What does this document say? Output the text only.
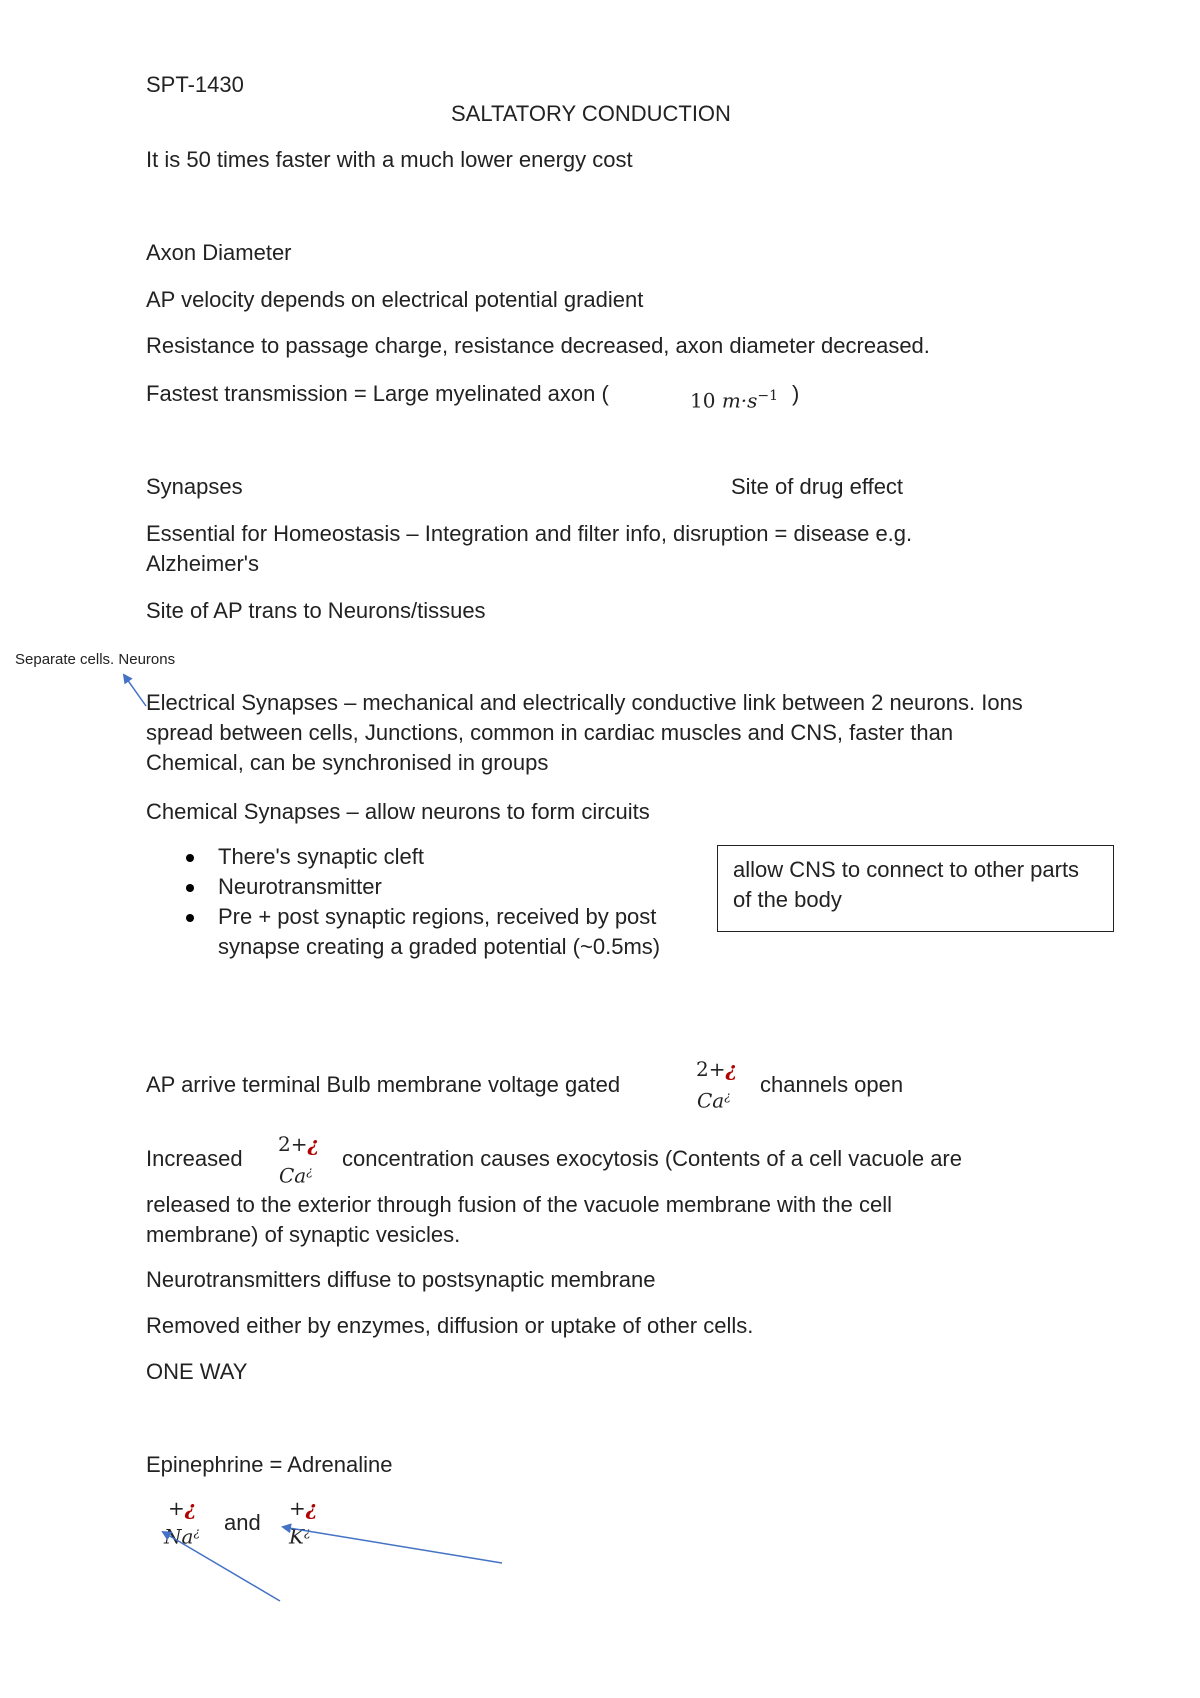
SPT-1430
SALTATORY CONDUCTION
It is 50 times faster with a much lower energy cost
Axon Diameter
AP velocity depends on electrical potential gradient
Resistance to passage charge, resistance decreased, axon diameter decreased.
Fastest transmission = Large myelinated axon (	10 $m\cdot s^{-1}$ )
Synapses	Site of drug effect
Essential for Homeostasis – Integration and filter info, disruption = disease e.g. Alzheimer's
Site of AP trans to Neurons/tissues
Separate cells. Neurons
Electrical Synapses – mechanical and electrically conductive link between 2 neurons. Ions spread between cells, Junctions, common in cardiac muscles and CNS, faster than Chemical, can be synchronised in groups
Chemical Synapses – allow neurons to form circuits
There's synaptic cleft
Neurotransmitter
Pre + post synaptic regions, received by post synapse creating a graded potential (~0.5ms)
allow CNS to connect to other parts of the body
AP arrive terminal Bulb membrane voltage gated
2+¿
Ca¿ channels open
Increased
2+¿
Ca¿ concentration causes exocytosis (Contents of a cell vacuole are
released to the exterior through fusion of the vacuole membrane with the cell membrane) of synaptic vesicles.
Neurotransmitters diffuse to postsynaptic membrane
Removed either by enzymes, diffusion or uptake of other cells.
ONE WAY
Epinephrine = Adrenaline
+¿
Na¿ and
+¿
K¿
